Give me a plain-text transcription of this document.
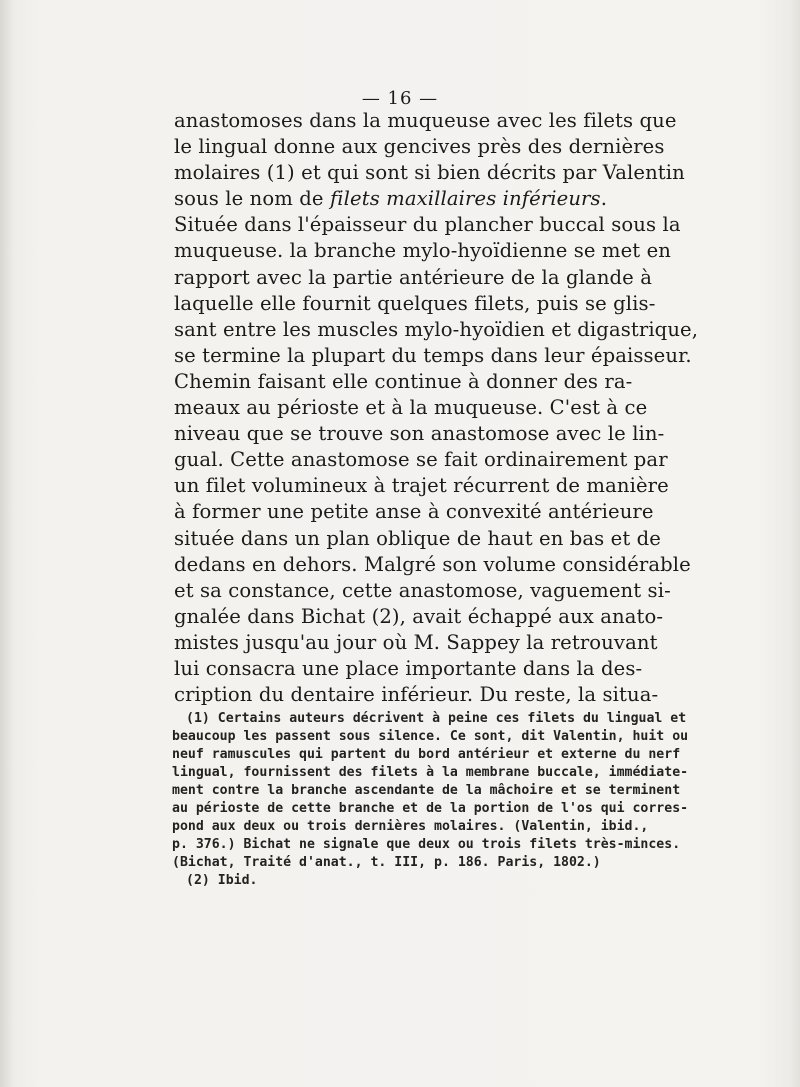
— 16 —
anastomoses dans la muqueuse avec les filets que
le lingual donne aux gencives près des dernières
molaires (1) et qui sont si bien décrits par Valentin
sous le nom de filets maxillaires inférieurs.
Située dans l'épaisseur du plancher buccal sous la
muqueuse. la branche mylo-hyoïdienne se met en
rapport avec la partie antérieure de la glande à
laquelle elle fournit quelques filets, puis se glis-
sant entre les muscles mylo-hyoïdien et digastrique,
se termine la plupart du temps dans leur épaisseur.
Chemin faisant elle continue à donner des ra-
meaux au périoste et à la muqueuse. C'est à ce
niveau que se trouve son anastomose avec le lin-
gual. Cette anastomose se fait ordinairement par
un filet volumineux à trajet récurrent de manière
à former une petite anse à convexité antérieure
située dans un plan oblique de haut en bas et de
dedans en dehors. Malgré son volume considérable
et sa constance, cette anastomose, vaguement si-
gnalée dans Bichat (2), avait échappé aux anato-
mistes jusqu'au jour où M. Sappey la retrouvant
lui consacra une place importante dans la des-
cription du dentaire inférieur. Du reste, la situa-
(1) Certains auteurs décrivent à peine ces filets du lingual et
beaucoup les passent sous silence. Ce sont, dit Valentin, huit ou
neuf ramuscules qui partent du bord antérieur et externe du nerf
lingual, fournissent des filets à la membrane buccale, immédiate-
ment contre la branche ascendante de la mâchoire et se terminent
au périoste de cette branche et de la portion de l'os qui corres-
pond aux deux ou trois dernières molaires. (Valentin, ibid.,
p. 376.) Bichat ne signale que deux ou trois filets très-minces.
(Bichat, Traité d'anat., t. III, p. 186. Paris, 1802.)
(2) Ibid.
